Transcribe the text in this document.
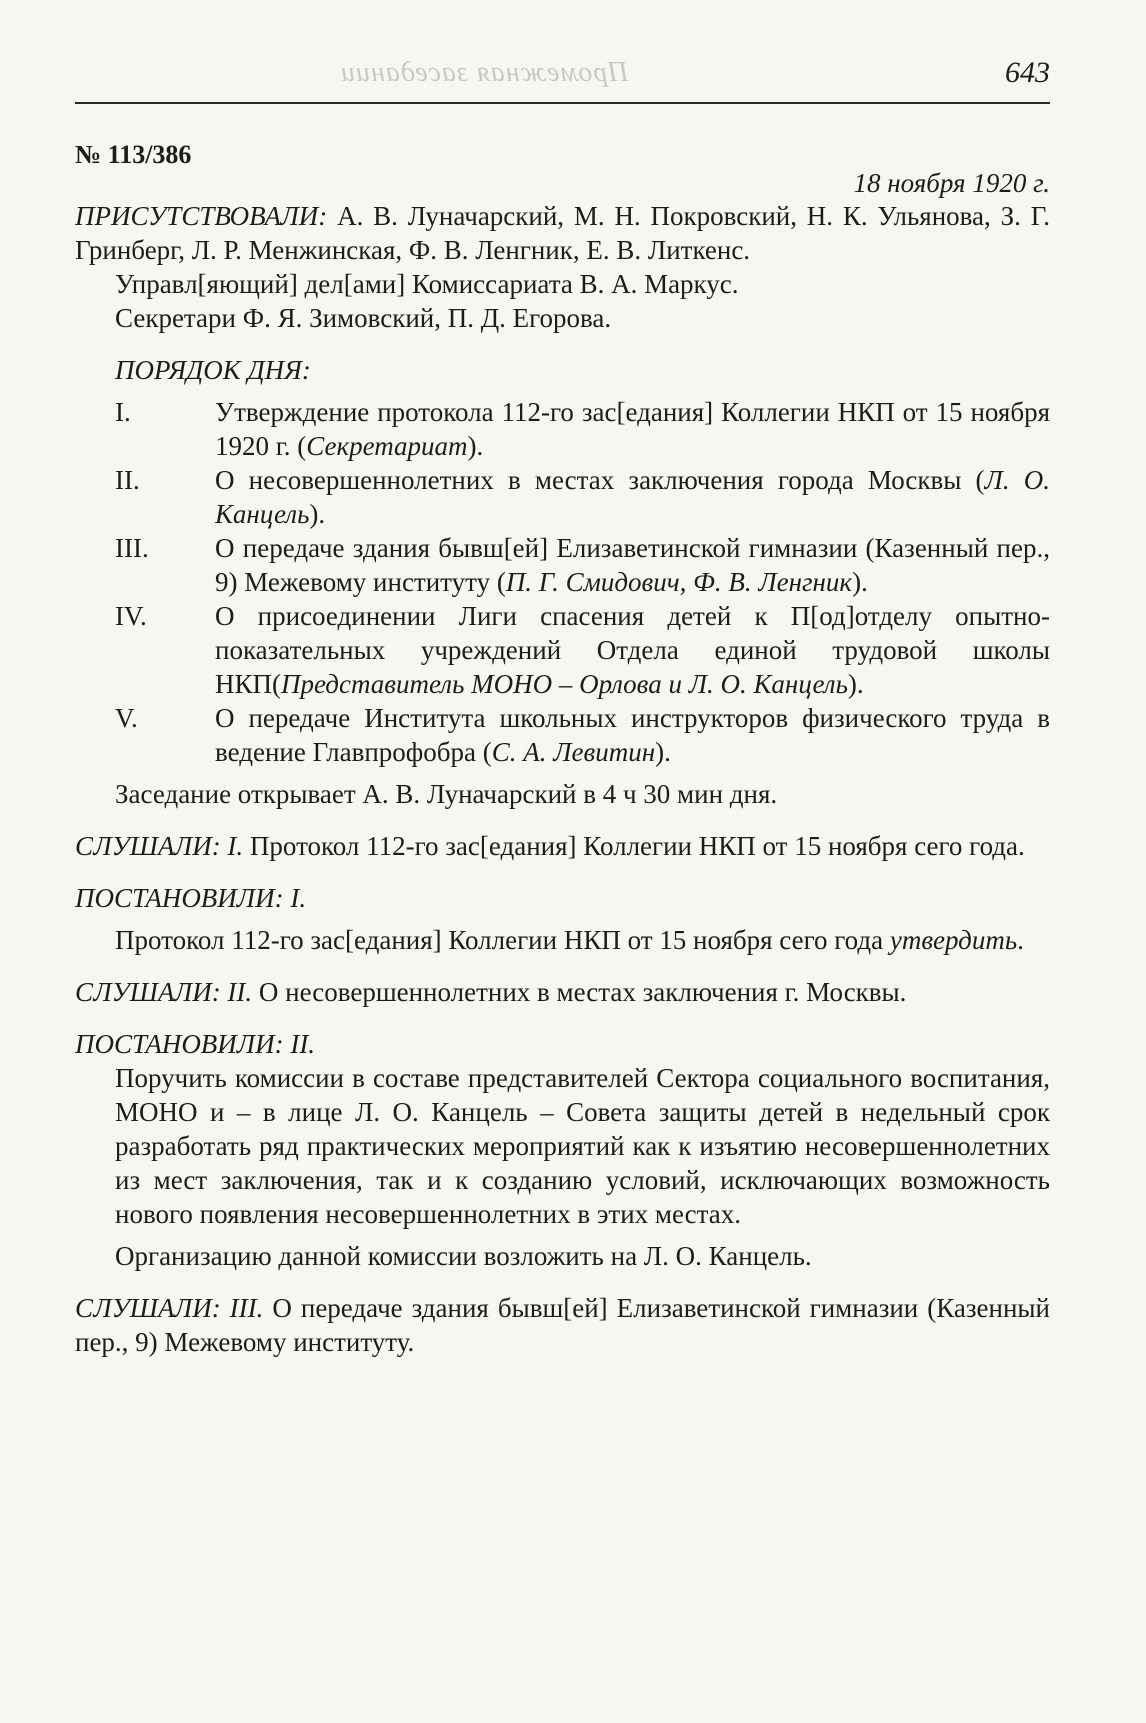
Промежная заседании	643
№ 113/386
18 ноября 1920 г.

ПРИСУТСТВОВАЛИ: А. В. Луначарский, М. Н. Покровский, Н. К. Ульянова, З. Г. Гринберг, Л. Р. Менжинская, Ф. В. Ленгник, Е. В. Литкенс.

Управл[яющий] дел[ами] Комиссариата В. А. Маркус.

Секретари Ф. Я. Зимовский, П. Д. Егорова.

ПОРЯДОК ДНЯ:

I.	Утверждение протокола 112-го зас[едания] Коллегии НКП от 15 ноября 1920 г. (Секретариат).
II.	О несовершеннолетних в местах заключения города Москвы (Л. О. Канцель).
III.	О передаче здания бывш[ей] Елизаветинской гимназии (Казенный пер., 9) Межевому институту (П. Г. Смидович, Ф. В. Ленгник).
IV.	О присоединении Лиги спасения детей к П[од]отделу опытно-показательных учреждений Отдела единой трудовой школы НКП(Представитель МОНО – Орлова и Л. О. Канцель).
V.	О передаче Института школьных инструкторов физического труда в ведение Главпрофобра (С. А. Левитин).

Заседание открывает А. В. Луначарский в 4 ч 30 мин дня.

СЛУШАЛИ: I. Протокол 112-го зас[едания] Коллегии НКП от 15 ноября сего года.

ПОСТАНОВИЛИ: I.

Протокол 112-го зас[едания] Коллегии НКП от 15 ноября сего года утвердить.

СЛУШАЛИ: II. О несовершеннолетних в местах заключения г. Москвы.

ПОСТАНОВИЛИ: II.

Поручить комиссии в составе представителей Сектора социального воспитания, МОНО и – в лице Л. О. Канцель – Совета защиты детей в недельный срок разработать ряд практических мероприятий как к изъятию несовершеннолетних из мест заключения, так и к созданию условий, исключающих возможность нового появления несовершеннолетних в этих местах.

Организацию данной комиссии возложить на Л. О. Канцель.

СЛУШАЛИ: III. О передаче здания бывш[ей] Елизаветинской гимназии (Казенный пер., 9) Межевому институту.
